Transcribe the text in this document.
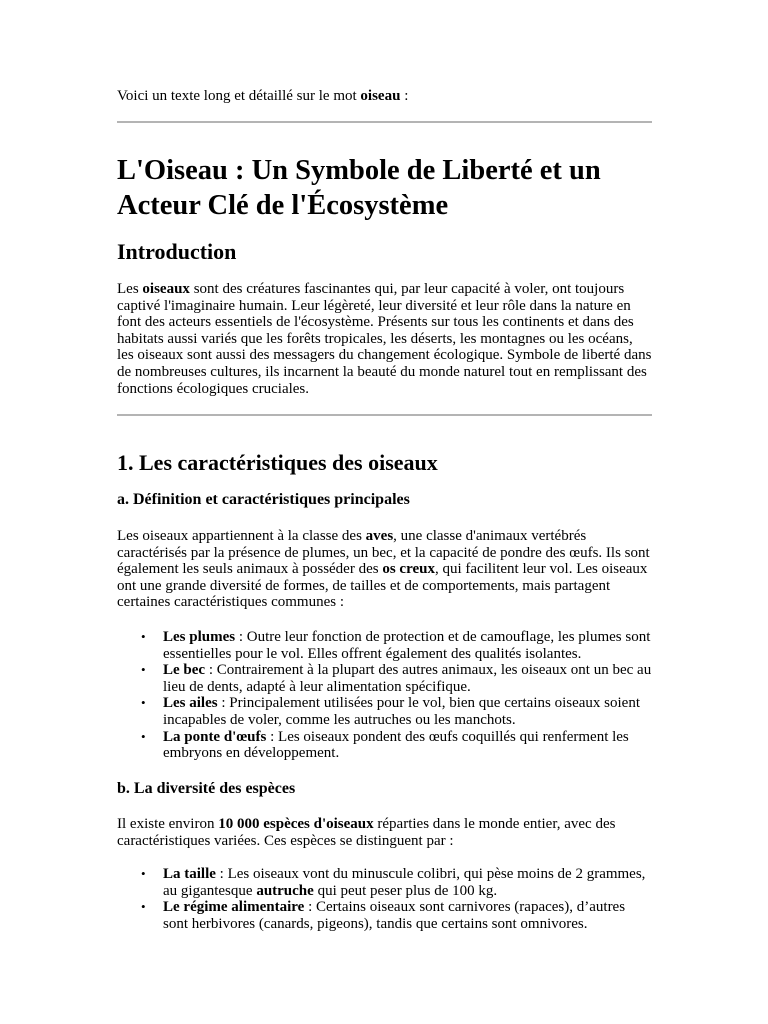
Voici un texte long et détaillé sur le mot oiseau :
L'Oiseau : Un Symbole de Liberté et un Acteur Clé de l'Écosystème
Introduction

Les oiseaux sont des créatures fascinantes qui, par leur capacité à voler, ont toujours captivé l'imaginaire humain. Leur légèreté, leur diversité et leur rôle dans la nature en font des acteurs essentiels de l'écosystème. Présents sur tous les continents et dans des habitats aussi variés que les forêts tropicales, les déserts, les montagnes ou les océans, les oiseaux sont aussi des messagers du changement écologique. Symbole de liberté dans de nombreuses cultures, ils incarnent la beauté du monde naturel tout en remplissant des fonctions écologiques cruciales.

1. Les caractéristiques des oiseaux
a. Définition et caractéristiques principales

Les oiseaux appartiennent à la classe des aves, une classe d'animaux vertébrés caractérisés par la présence de plumes, un bec, et la capacité de pondre des œufs. Ils sont également les seuls animaux à posséder des os creux, qui facilitent leur vol. Les oiseaux ont une grande diversité de formes, de tailles et de comportements, mais partagent certaines caractéristiques communes :

• Les plumes : Outre leur fonction de protection et de camouflage, les plumes sont essentielles pour le vol. Elles offrent également des qualités isolantes.
• Le bec : Contrairement à la plupart des autres animaux, les oiseaux ont un bec au lieu de dents, adapté à leur alimentation spécifique.
• Les ailes : Principalement utilisées pour le vol, bien que certains oiseaux soient incapables de voler, comme les autruches ou les manchots.
• La ponte d'œufs : Les oiseaux pondent des œufs coquillés qui renferment les embryons en développement.
b. La diversité des espèces

Il existe environ 10 000 espèces d'oiseaux réparties dans le monde entier, avec des caractéristiques variées. Ces espèces se distinguent par :

• La taille : Les oiseaux vont du minuscule colibri, qui pèse moins de 2 grammes, au gigantesque autruche qui peut peser plus de 100 kg.
• Le régime alimentaire : Certains oiseaux sont carnivores (rapaces), d’autres sont herbivores (canards, pigeons), tandis que certains sont omnivores.
